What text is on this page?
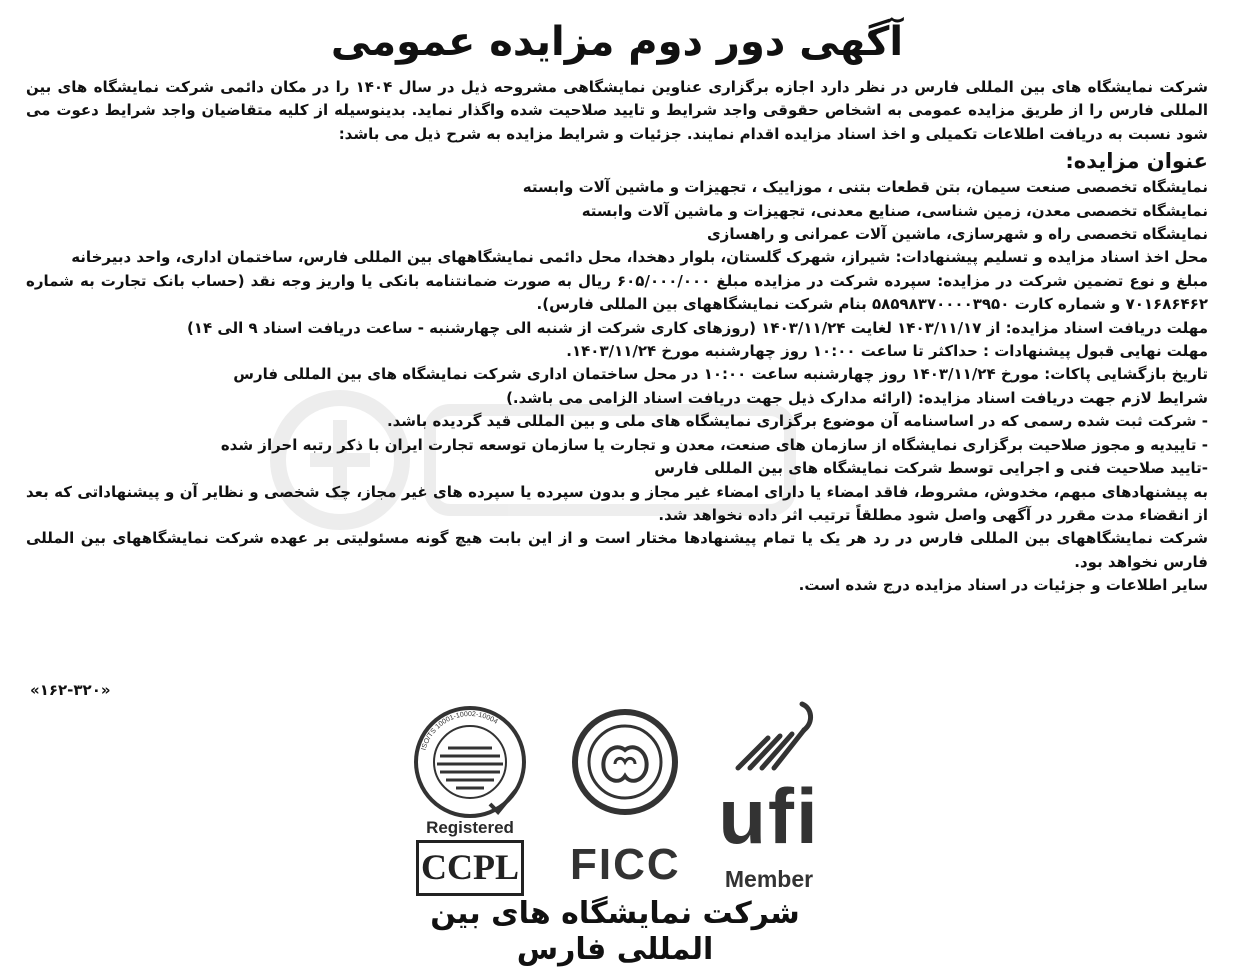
آگهی دور دوم مزایده عمومی

شرکت نمایشگاه های بین المللی فارس در نظر دارد اجازه برگزاری عناوین نمایشگاهی مشروحه ذیل در سال ۱۴۰۴ را در مکان دائمی شرکت نمایشگاه های بین المللی فارس را از طریق مزایده عمومی به اشخاص حقوقی واجد شرایط و تایید صلاحیت شده واگذار نماید. بدینوسیله از کلیه متقاضیان واجد شرایط دعوت می شود نسبت به دریافت اطلاعات تکمیلی و اخذ اسناد مزایده اقدام نمایند. جزئیات و شرایط مزایده به شرح ذیل می باشد:

عنوان مزایده:

نمایشگاه تخصصی صنعت سیمان، بتن قطعات بتنی ، موزاییک ، تجهیزات و ماشین آلات وابسته

نمایشگاه تخصصی معدن، زمین شناسی، صنایع معدنی، تجهیزات و ماشین آلات وابسته

نمایشگاه تخصصی راه و شهرسازی، ماشین آلات عمرانی و راهسازی

محل اخذ اسناد مزایده و تسلیم پیشنهادات: شیراز، شهرک گلستان، بلوار دهخدا، محل دائمی نمایشگاههای بین المللی فارس، ساختمان اداری، واحد دبیرخانه

مبلغ و نوع تضمین شرکت در مزایده: سپرده شرکت در مزایده مبلغ ۶۰۵/۰۰۰/۰۰۰ ریال به صورت ضمانتنامه بانکی یا واریز وجه نقد (حساب بانک تجارت به شماره ۷۰۱۶۸۶۴۶۲ و شماره کارت ۵۸۵۹۸۳۷۰۰۰۰۳۹۵۰ بنام شرکت نمایشگاههای بین المللی فارس).

مهلت دریافت اسناد مزایده: از ۱۴۰۳/۱۱/۱۷ لغایت ۱۴۰۳/۱۱/۲۴ (روزهای کاری شرکت از شنبه الی چهارشنبه - ساعت دریافت اسناد ۹ الی ۱۴)

مهلت نهایی قبول پیشنهادات : حداکثر تا ساعت ۱۰:۰۰ روز چهارشنبه مورخ ۱۴۰۳/۱۱/۲۴.

تاریخ بازگشایی پاکات: مورخ ۱۴۰۳/۱۱/۲۴ روز چهارشنبه ساعت ۱۰:۰۰ در محل ساختمان اداری شرکت نمایشگاه های بین المللی فارس

شرایط لازم جهت دریافت اسناد مزایده: (ارائه مدارک ذیل جهت دریافت اسناد الزامی می باشد.)

- شرکت ثبت شده رسمی که در اساسنامه آن موضوع برگزاری نمایشگاه های ملی و بین المللی قید گردیده باشد.

- تاییدیه و مجوز صلاحیت برگزاری نمایشگاه از سازمان های صنعت، معدن و تجارت یا سازمان توسعه تجارت ایران با ذکر رتبه احراز شده

-تایید صلاحیت فنی و اجرایی توسط شرکت نمایشگاه های بین المللی فارس

به پیشنهادهای مبهم، مخدوش، مشروط، فاقد امضاء یا دارای امضاء غیر مجاز و بدون سپرده یا سپرده های غیر مجاز، چک شخصی و نظایر آن و پیشنهاداتی که بعد از انقضاء مدت مقرر در آگهی واصل شود مطلقاً ترتیب اثر داده نخواهد شد.

شرکت نمایشگاههای بین المللی فارس در رد هر یک یا تمام پیشنهادها مختار است و از این بابت هیچ گونه مسئولیتی بر عهده شرکت نمایشگاههای بین المللی فارس نخواهد بود.

سایر اطلاعات و جزئیات در اسناد مزایده درج شده است.

«۱۶۲-۳۲۰»
ISO/TS 10001-10002-10004
Registered
CCPL FICC
ufi
Member
شرکت نمایشگاه های بین المللی فارس
